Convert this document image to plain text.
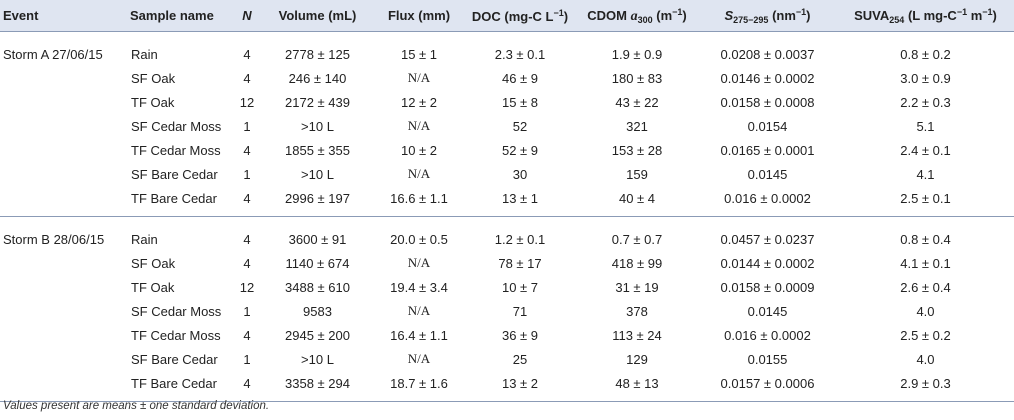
Event	Sample name	N	Volume (mL)	Flux (mm)	DOC (mg-C $L^{-1}$)	CDOM $a_{300}$ $(m^{-1})$	$S_{275-295}$ $(nm^{-1})$	$SUVA_{254}$ (L $mg-C^{-1}$ $m^{-1}$)
Storm A 27/06/15	Rain	4	2778 ± 125	15 ± 1	2.3 ± 0.1	1.9 ± 0.9	0.0208 ± 0.0037	0.8 ± 0.2
	SF Oak	4	246 ± 140	N/A	46 ± 9	180 ± 83	0.0146 ± 0.0002	3.0 ± 0.9
	TF Oak	12	2172 ± 439	12 ± 2	15 ± 8	43 ± 22	0.0158 ± 0.0008	2.2 ± 0.3
	SF Cedar Moss	1	>10 L	N/A	52	321	0.0154	5.1
	TF Cedar Moss	4	1855 ± 355	10 ± 2	52 ± 9	153 ± 28	0.0165 ± 0.0001	2.4 ± 0.1
	SF Bare Cedar	1	>10 L	N/A	30	159	0.0145	4.1
	TF Bare Cedar	4	2996 ± 197	16.6 ± 1.1	13 ± 1	40 ± 4	0.016 ± 0.0002	2.5 ± 0.1
Storm B 28/06/15	Rain	4	3600 ± 91	20.0 ± 0.5	1.2 ± 0.1	0.7 ± 0.7	0.0457 ± 0.0237	0.8 ± 0.4
	SF Oak	4	1140 ± 674	N/A	78 ± 17	418 ± 99	0.0144 ± 0.0002	4.1 ± 0.1
	TF Oak	12	3488 ± 610	19.4 ± 3.4	10 ± 7	31 ± 19	0.0158 ± 0.0009	2.6 ± 0.4
	SF Cedar Moss	1	9583	N/A	71	378	0.0145	4.0
	TF Cedar Moss	4	2945 ± 200	16.4 ± 1.1	36 ± 9	113 ± 24	0.016 ± 0.0002	2.5 ± 0.2
	SF Bare Cedar	1	>10 L	N/A	25	129	0.0155	4.0
	TF Bare Cedar	4	3358 ± 294	18.7 ± 1.6	13 ± 2	48 ± 13	0.0157 ± 0.0006	2.9 ± 0.3
Values present are means ± one standard deviation.
